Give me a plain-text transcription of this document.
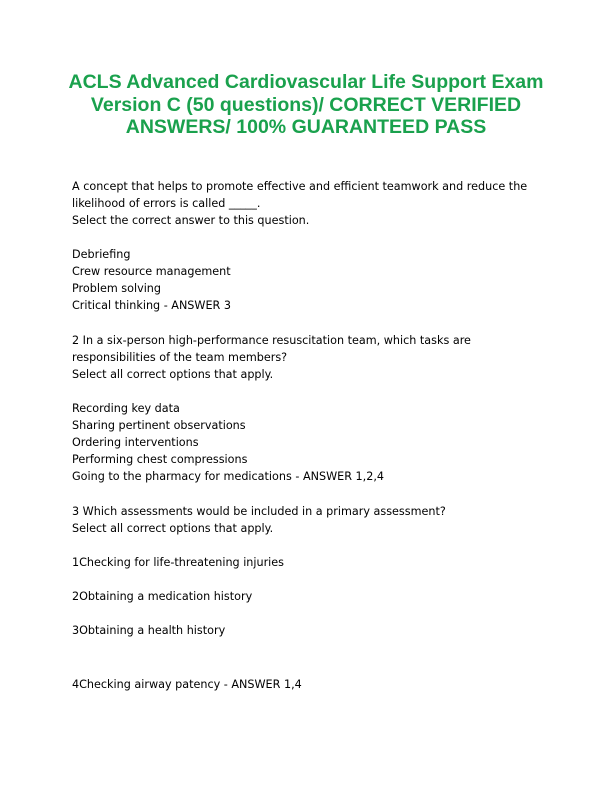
ACLS Advanced Cardiovascular Life Support Exam Version C (50 questions)/ CORRECT VERIFIED ANSWERS/ 100% GUARANTEED PASS
A concept that helps to promote effective and efficient teamwork and reduce the
likelihood of errors is called _____.
Select the correct answer to this question.
Debriefing
Crew resource management
Problem solving
Critical thinking - ANSWER 3
2 In a six-person high-performance resuscitation team, which tasks are
responsibilities of the team members?
Select all correct options that apply.
Recording key data
Sharing pertinent observations
Ordering interventions
Performing chest compressions
Going to the pharmacy for medications - ANSWER 1,2,4
3 Which assessments would be included in a primary assessment?
Select all correct options that apply.
1Checking for life-threatening injuries
2Obtaining a medication history
3Obtaining a health history
4Checking airway patency - ANSWER 1,4
